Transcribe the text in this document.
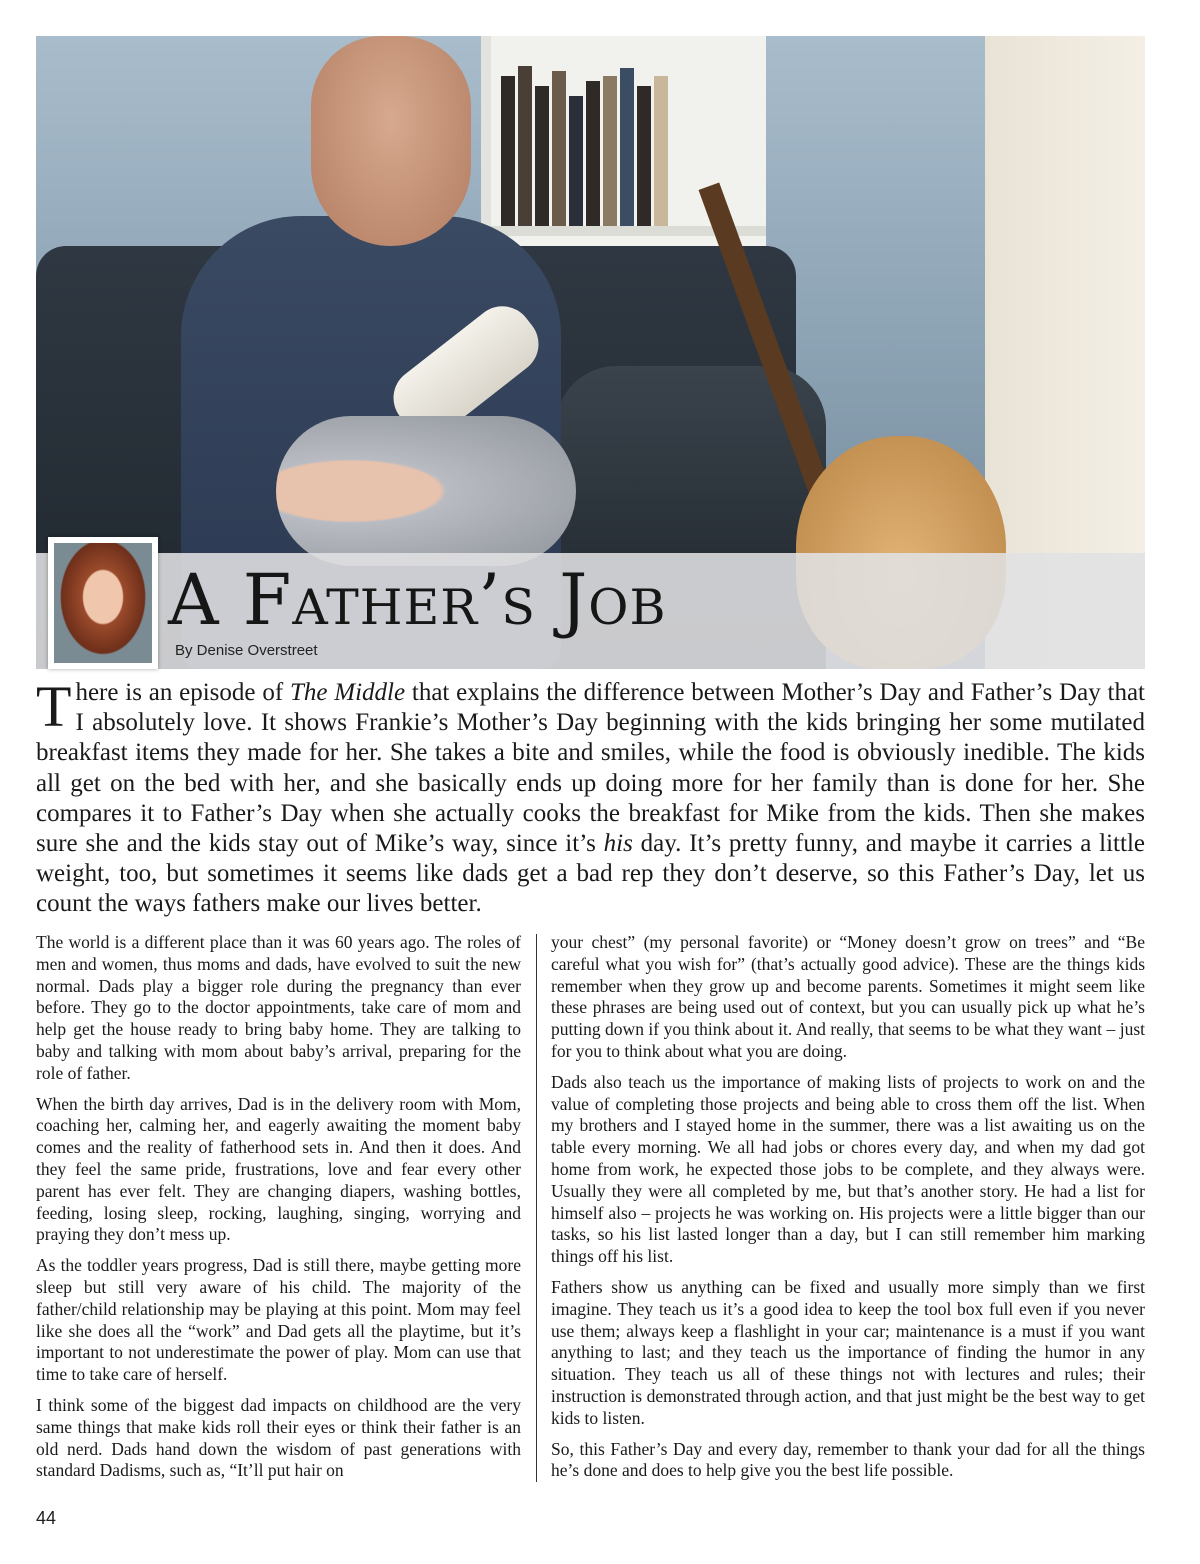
A Father’s Job
By Denise Overstreet

There is an episode of The Middle that explains the difference between Mother’s Day and Father’s Day that I absolutely love. It shows Frankie’s Mother’s Day beginning with the kids bringing her some mutilated breakfast items they made for her. She takes a bite and smiles, while the food is obviously inedible. The kids all get on the bed with her, and she basically ends up doing more for her family than is done for her. She compares it to Father’s Day when she actually cooks the breakfast for Mike from the kids. Then she makes sure she and the kids stay out of Mike’s way, since it’s his day. It’s pretty funny, and maybe it carries a little weight, too, but sometimes it seems like dads get a bad rep they don’t deserve, so this Father’s Day, let us count the ways fathers make our lives better.

The world is a different place than it was 60 years ago. The roles of men and women, thus moms and dads, have evolved to suit the new normal. Dads play a bigger role during the pregnancy than ever before. They go to the doctor appointments, take care of mom and help get the house ready to bring baby home. They are talking to baby and talking with mom about baby’s arrival, preparing for the role of father.

When the birth day arrives, Dad is in the delivery room with Mom, coaching her, calming her, and eagerly awaiting the moment baby comes and the reality of fatherhood sets in. And then it does. And they feel the same pride, frustrations, love and fear every other parent has ever felt. They are changing diapers, washing bottles, feeding, losing sleep, rocking, laughing, singing, worrying and praying they don’t mess up.

As the toddler years progress, Dad is still there, maybe getting more sleep but still very aware of his child. The majority of the father/child relationship may be playing at this point. Mom may feel like she does all the “work” and Dad gets all the playtime, but it’s important to not underestimate the power of play. Mom can use that time to take care of herself.

I think some of the biggest dad impacts on childhood are the very same things that make kids roll their eyes or think their father is an old nerd. Dads hand down the wisdom of past generations with standard Dadisms, such as, “It’ll put hair on

your chest” (my personal favorite) or “Money doesn’t grow on trees” and “Be careful what you wish for” (that’s actually good advice). These are the things kids remember when they grow up and become parents. Sometimes it might seem like these phrases are being used out of context, but you can usually pick up what he’s putting down if you think about it. And really, that seems to be what they want – just for you to think about what you are doing.

Dads also teach us the importance of making lists of projects to work on and the value of completing those projects and being able to cross them off the list. When my brothers and I stayed home in the summer, there was a list awaiting us on the table every morning. We all had jobs or chores every day, and when my dad got home from work, he expected those jobs to be complete, and they always were. Usually they were all completed by me, but that’s another story. He had a list for himself also – projects he was working on. His projects were a little bigger than our tasks, so his list lasted longer than a day, but I can still remember him marking things off his list.

Fathers show us anything can be fixed and usually more simply than we first imagine. They teach us it’s a good idea to keep the tool box full even if you never use them; always keep a flashlight in your car; maintenance is a must if you want anything to last; and they teach us the importance of finding the humor in any situation. They teach us all of these things not with lectures and rules; their instruction is demonstrated through action, and that just might be the best way to get kids to listen.

So, this Father’s Day and every day, remember to thank your dad for all the things he’s done and does to help give you the best life possible.

44
